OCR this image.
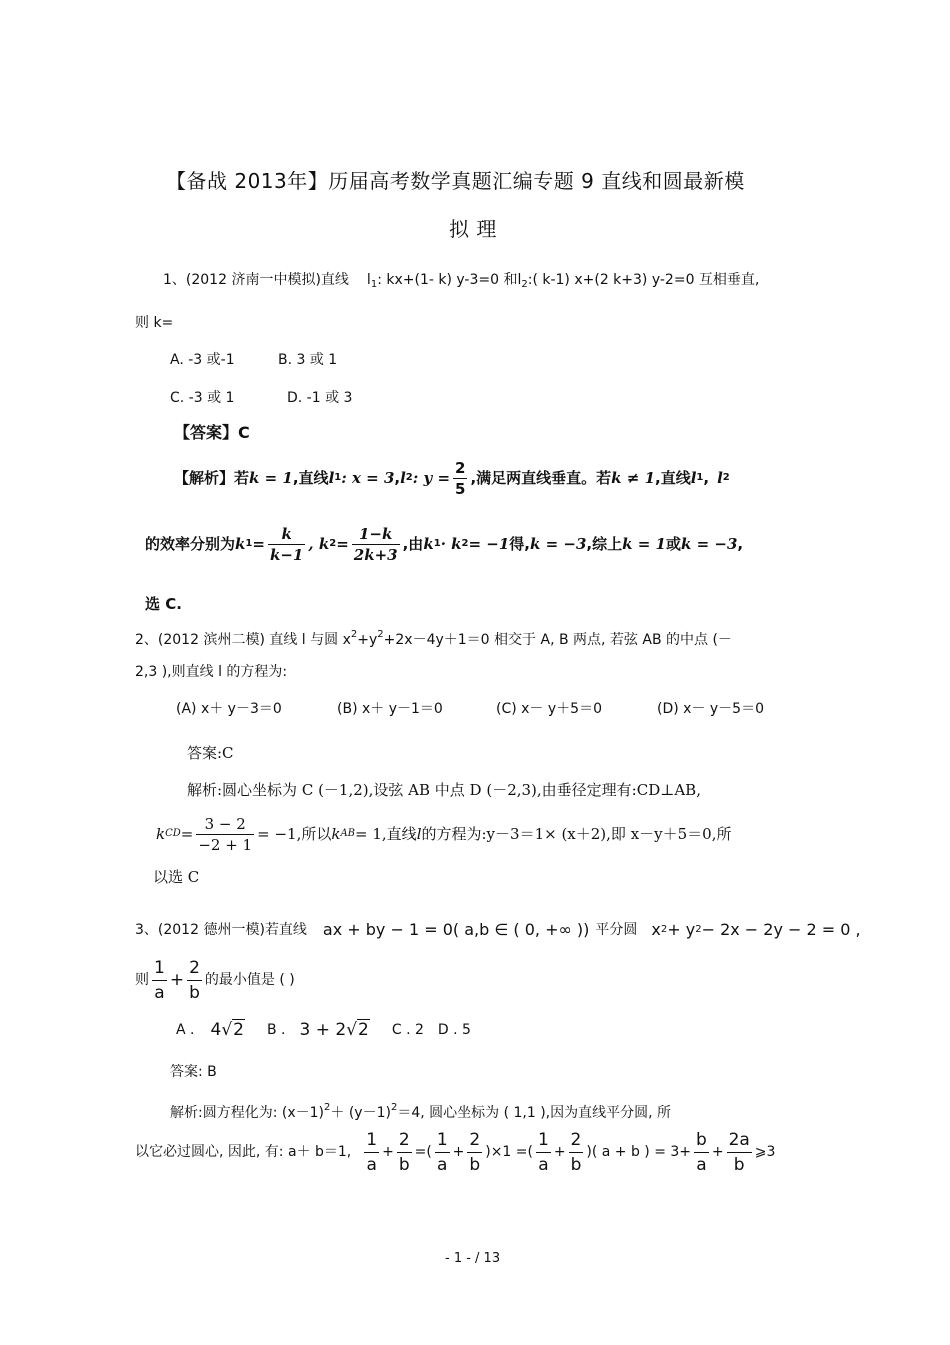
【备战 2013年】历届高考数学真题汇编专题 9 直线和圆最新模
拟 理
1、(2012 济南一中模拟)直线 $l_1$: kx+(1- k) y-3=0 和$l_2$:( k-1) x+(2 k+3) y-2=0 互相垂直,
则 k=
A. -3 或-1	B. 3 或 1
C. -3 或 1	D. -1 或 3
【答案】C
【解析】若 k = 1 ,直线 l 1 : x = 3 , l 2 : $y = \frac{2}{5}$ ,满足两直线垂直。若 k ≠ 1 ,直线 l 1 , l 2
的效率分别为 k $1 = \frac{k}{k-1}$ , k $2 = \frac{1-k}{2k+3}$ ,由 k 1 · k 2 = −1 得, k = −3 ,综上 k = 1 或 k = −3 ,
选 C.
2、(2012 滨州二模) 直线 l 与圆 $x^2+y^2+2x-4y+1=0$ 相交于 A, B 两点, 若弦 AB 的中点 (－
2,3 ),则直线 l 的方程为:
(A) x＋ y－3＝0	(B) x＋ y－1＝0	(C) x－ y＋5＝0	(D) x－ y－5＝0
答案:C
解析:圆心坐标为 C (－1,2),设弦 AB 中点 D (－2,3),由垂径定理有:CD⊥AB,
k CD = $\frac{3 - 2}{-2 + 1} = -1$ ,所以 k AB = 1 ,直线 l 的方程为:y－3＝1× (x＋2),即 x－y＋5＝0,所
以选 C
3、(2012 德州一模)若直线 ax + by − 1 = 0( a,b ∈ ( 0, +∞ )) 平分圆 x 2 + y 2 − 2x − 2y − 2 = 0 ,
则 $\frac{1}{a} + \frac{2}{b}$ 的最小值是 ( )
A . 4 √2 B . 3 + 2 √2 C . 2 D . 5
答案: B
解析:圆方程化为: $(x-1)^2+ (y-1)^2=4$, 圆心坐标为 ( 1,1 ),因为直线平分圆, 所
以它必过圆心, 因此, 有: a＋ b＝1, $\frac{1}{a} + \frac{2}{b}$ = ( $\frac{1}{a} + \frac{2}{b} )\times 1$ = ( $\frac{1}{a} + \frac{2}{b}$ )( a + b ) = $3+ \frac{b}{a} + \frac{2a}{b}$ ⩾3
- 1 - / 13
